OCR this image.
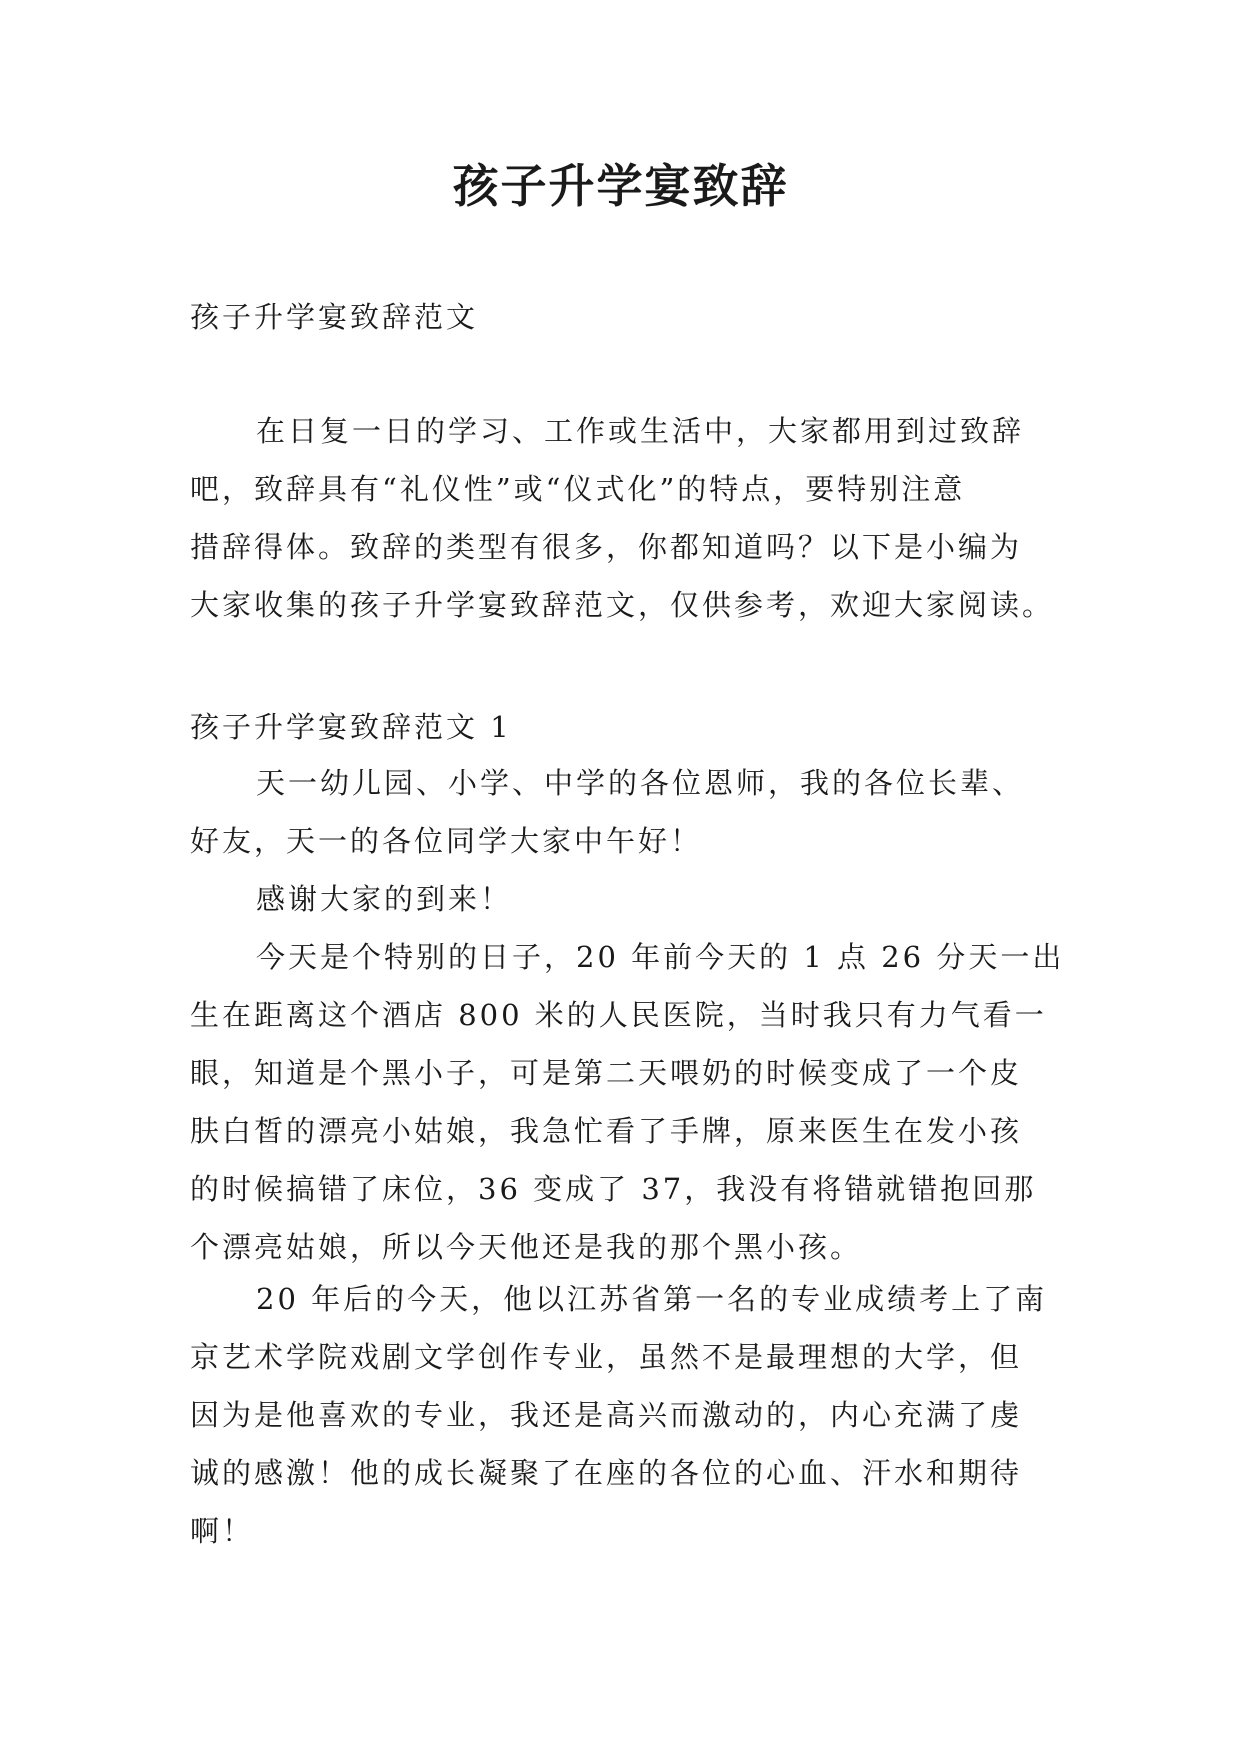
孩子升学宴致辞

孩子升学宴致辞范文

在日复一日的学习、工作或生活中，大家都用到过致辞
吧，致辞具有“礼仪性”或“仪式化”的特点，要特别注意
措辞得体。致辞的类型有很多，你都知道吗？以下是小编为
大家收集的孩子升学宴致辞范文，仅供参考，欢迎大家阅读。

孩子升学宴致辞范文 1

天一幼儿园、小学、中学的各位恩师，我的各位长辈、
好友，天一的各位同学大家中午好！
感谢大家的到来！
今天是个特别的日子，20 年前今天的 1 点 26 分天一出
生在距离这个酒店 800 米的人民医院，当时我只有力气看一
眼，知道是个黑小子，可是第二天喂奶的时候变成了一个皮
肤白皙的漂亮小姑娘，我急忙看了手牌，原来医生在发小孩
的时候搞错了床位，36 变成了 37，我没有将错就错抱回那
个漂亮姑娘，所以今天他还是我的那个黑小孩。
20 年后的今天，他以江苏省第一名的专业成绩考上了南
京艺术学院戏剧文学创作专业，虽然不是最理想的大学，但
因为是他喜欢的专业，我还是高兴而激动的，内心充满了虔
诚的感激！他的成长凝聚了在座的各位的心血、汗水和期待
啊！
